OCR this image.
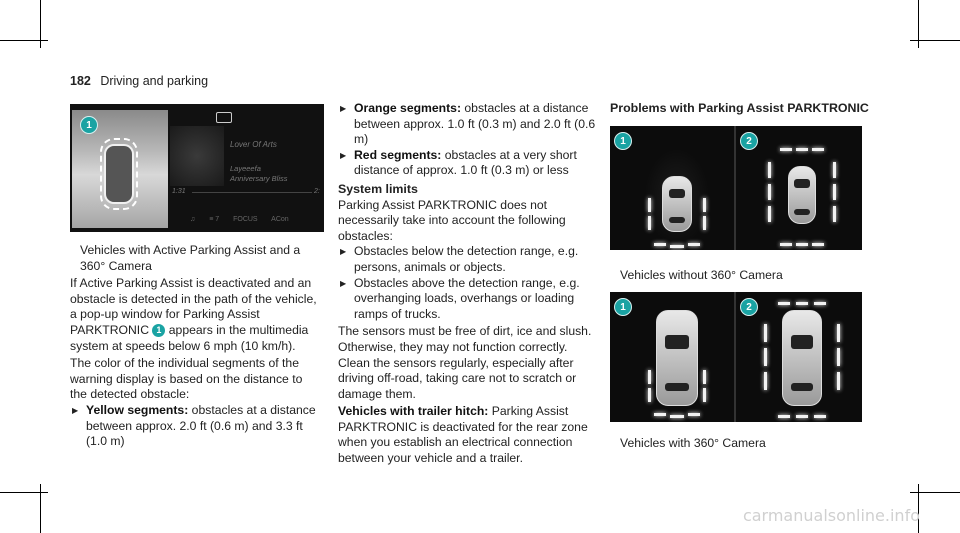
182 Driving and parking
1
Lover Of Arts
Layeeefa
Anniversary Bliss
1:31	2:
♫ ≡ 7 FOCUS ACon

Vehicles with Active Parking Assist and a 360° Camera

If Active Parking Assist is deactivated and an obstacle is detected in the path of the vehicle, a pop-up window for Parking Assist PARKTRONIC 1 appears in the multimedia system at speeds below 6 mph (10 km/h).

The color of the individual segments of the warning display is based on the distance to the detected obstacle:

▶ Yellow segments: obstacles at a distance between approx. 2.0 ft (0.6 m) and 3.3 ft (1.0 m)
▶ Orange segments: obstacles at a distance between approx. 1.0 ft (0.3 m) and 2.0 ft (0.6 m)
▶ Red segments: obstacles at a very short distance of approx. 1.0 ft (0.3 m) or less
System limits

Parking Assist PARKTRONIC does not necessarily take into account the following obstacles:

▶ Obstacles below the detection range, e.g. persons, animals or objects.
▶ Obstacles above the detection range, e.g. overhanging loads, overhangs or loading ramps of trucks.

The sensors must be free of dirt, ice and slush. Otherwise, they may not function correctly. Clean the sensors regularly, especially after driving off-road, taking care not to scratch or damage them.

Vehicles with trailer hitch: Parking Assist PARKTRONIC is deactivated for the rear zone when you establish an electrical connection between your vehicle and a trailer.

Problems with Parking Assist PARKTRONIC
1	2

Vehicles without 360° Camera

1	2

Vehicles with 360° Camera

carmanualsonline.info
